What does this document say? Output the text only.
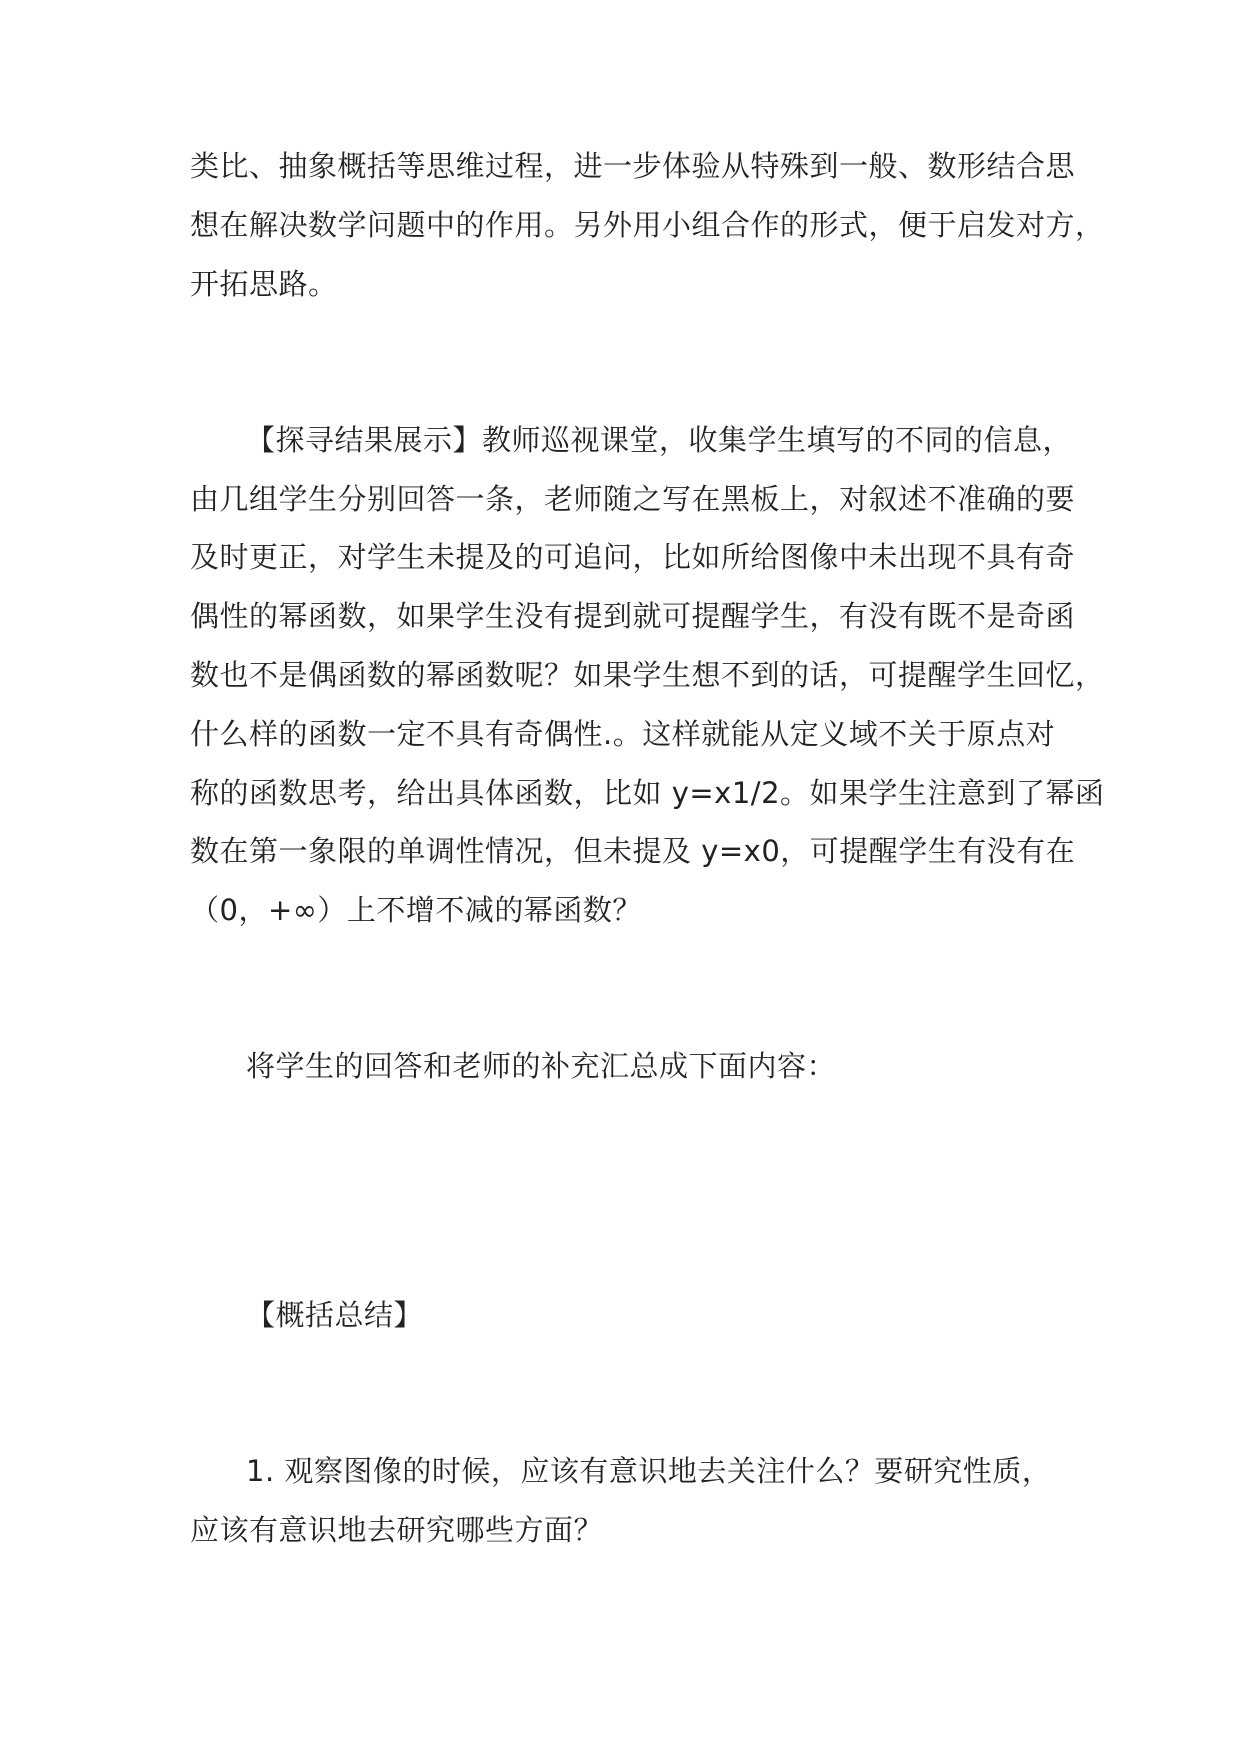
类比、抽象概括等思维过程，进一步体验从特殊到一般、数形结合思
想在解决数学问题中的作用。另外用小组合作的形式，便于启发对方，
开拓思路。
【探寻结果展示】教师巡视课堂，收集学生填写的不同的信息，
由几组学生分别回答一条，老师随之写在黑板上，对叙述不准确的要
及时更正，对学生未提及的可追问，比如所给图像中未出现不具有奇
偶性的幂函数，如果学生没有提到就可提醒学生，有没有既不是奇函
数也不是偶函数的幂函数呢？如果学生想不到的话，可提醒学生回忆，
什么样的函数一定不具有奇偶性.。这样就能从定义域不关于原点对
称的函数思考，给出具体函数，比如 y=x1/2。如果学生注意到了幂函
数在第一象限的单调性情况，但未提及 y=x0，可提醒学生有没有在
（0，+∞）上不增不减的幂函数？
将学生的回答和老师的补充汇总成下面内容：
【概括总结】
1. 观察图像的时候，应该有意识地去关注什么？要研究性质，
应该有意识地去研究哪些方面？
